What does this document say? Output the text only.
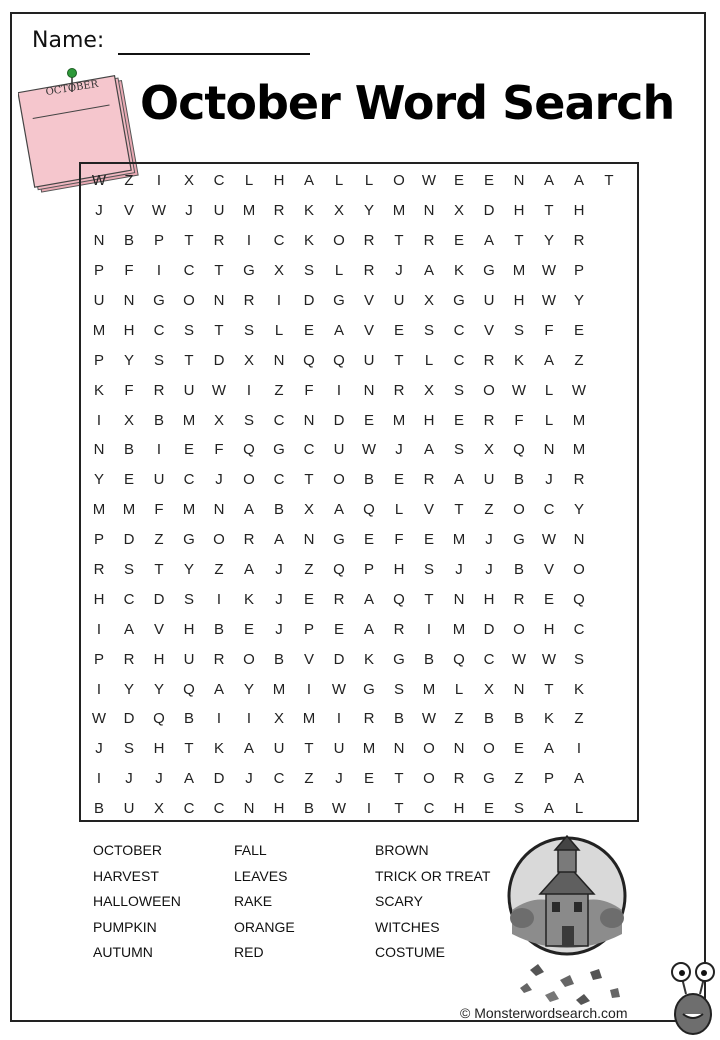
Name:
OCTOBER October Word Search
W	Z	I	X	C	L	H	A	L	L	O	W	E	E	N	A	A	T
J	V	W	J	U	M	R	K	X	Y	M	N	X	D	H	T	H
N	B	P	T	R	I	C	K	O	R	T	R	E	A	T	Y	R
P	F	I	C	T	G	X	S	L	R	J	A	K	G	M	W	P
U	N	G	O	N	R	I	D	G	V	U	X	G	U	H	W	Y
M	H	C	S	T	S	L	E	A	V	E	S	C	V	S	F	E
P	Y	S	T	D	X	N	Q	Q	U	T	L	C	R	K	A	Z
K	F	R	U	W	I	Z	F	I	N	R	X	S	O	W	L	W
I	X	B	M	X	S	C	N	D	E	M	H	E	R	F	L	M
N	B	I	E	F	Q	G	C	U	W	J	A	S	X	Q	N	M
Y	E	U	C	J	O	C	T	O	B	E	R	A	U	B	J	R
M	M	F	M	N	A	B	X	A	Q	L	V	T	Z	O	C	Y
P	D	Z	G	O	R	A	N	G	E	F	E	M	J	G	W	N
R	S	T	Y	Z	A	J	Z	Q	P	H	S	J	J	B	V	O
H	C	D	S	I	K	J	E	R	A	Q	T	N	H	R	E	Q
I	A	V	H	B	E	J	P	E	A	R	I	M	D	O	H	C
P	R	H	U	R	O	B	V	D	K	G	B	Q	C	W	W	S
I	Y	Y	Q	A	Y	M	I	W	G	S	M	L	X	N	T	K
W	D	Q	B	I	I	X	M	I	R	B	W	Z	B	B	K	Z
J	S	H	T	K	A	U	T	U	M	N	O	N	O	E	A	I
I	J	J	A	D	J	C	Z	J	E	T	O	R	G	Z	P	A
B	U	X	C	C	N	H	B	W	I	T	C	H	E	S	A	L
OCTOBER
HARVEST
HALLOWEEN
PUMPKIN
AUTUMN
FALL
LEAVES
RAKE
ORANGE
RED
BROWN
TRICK OR TREAT
SCARY
WITCHES
COSTUME
© Monsterwordsearch.com
